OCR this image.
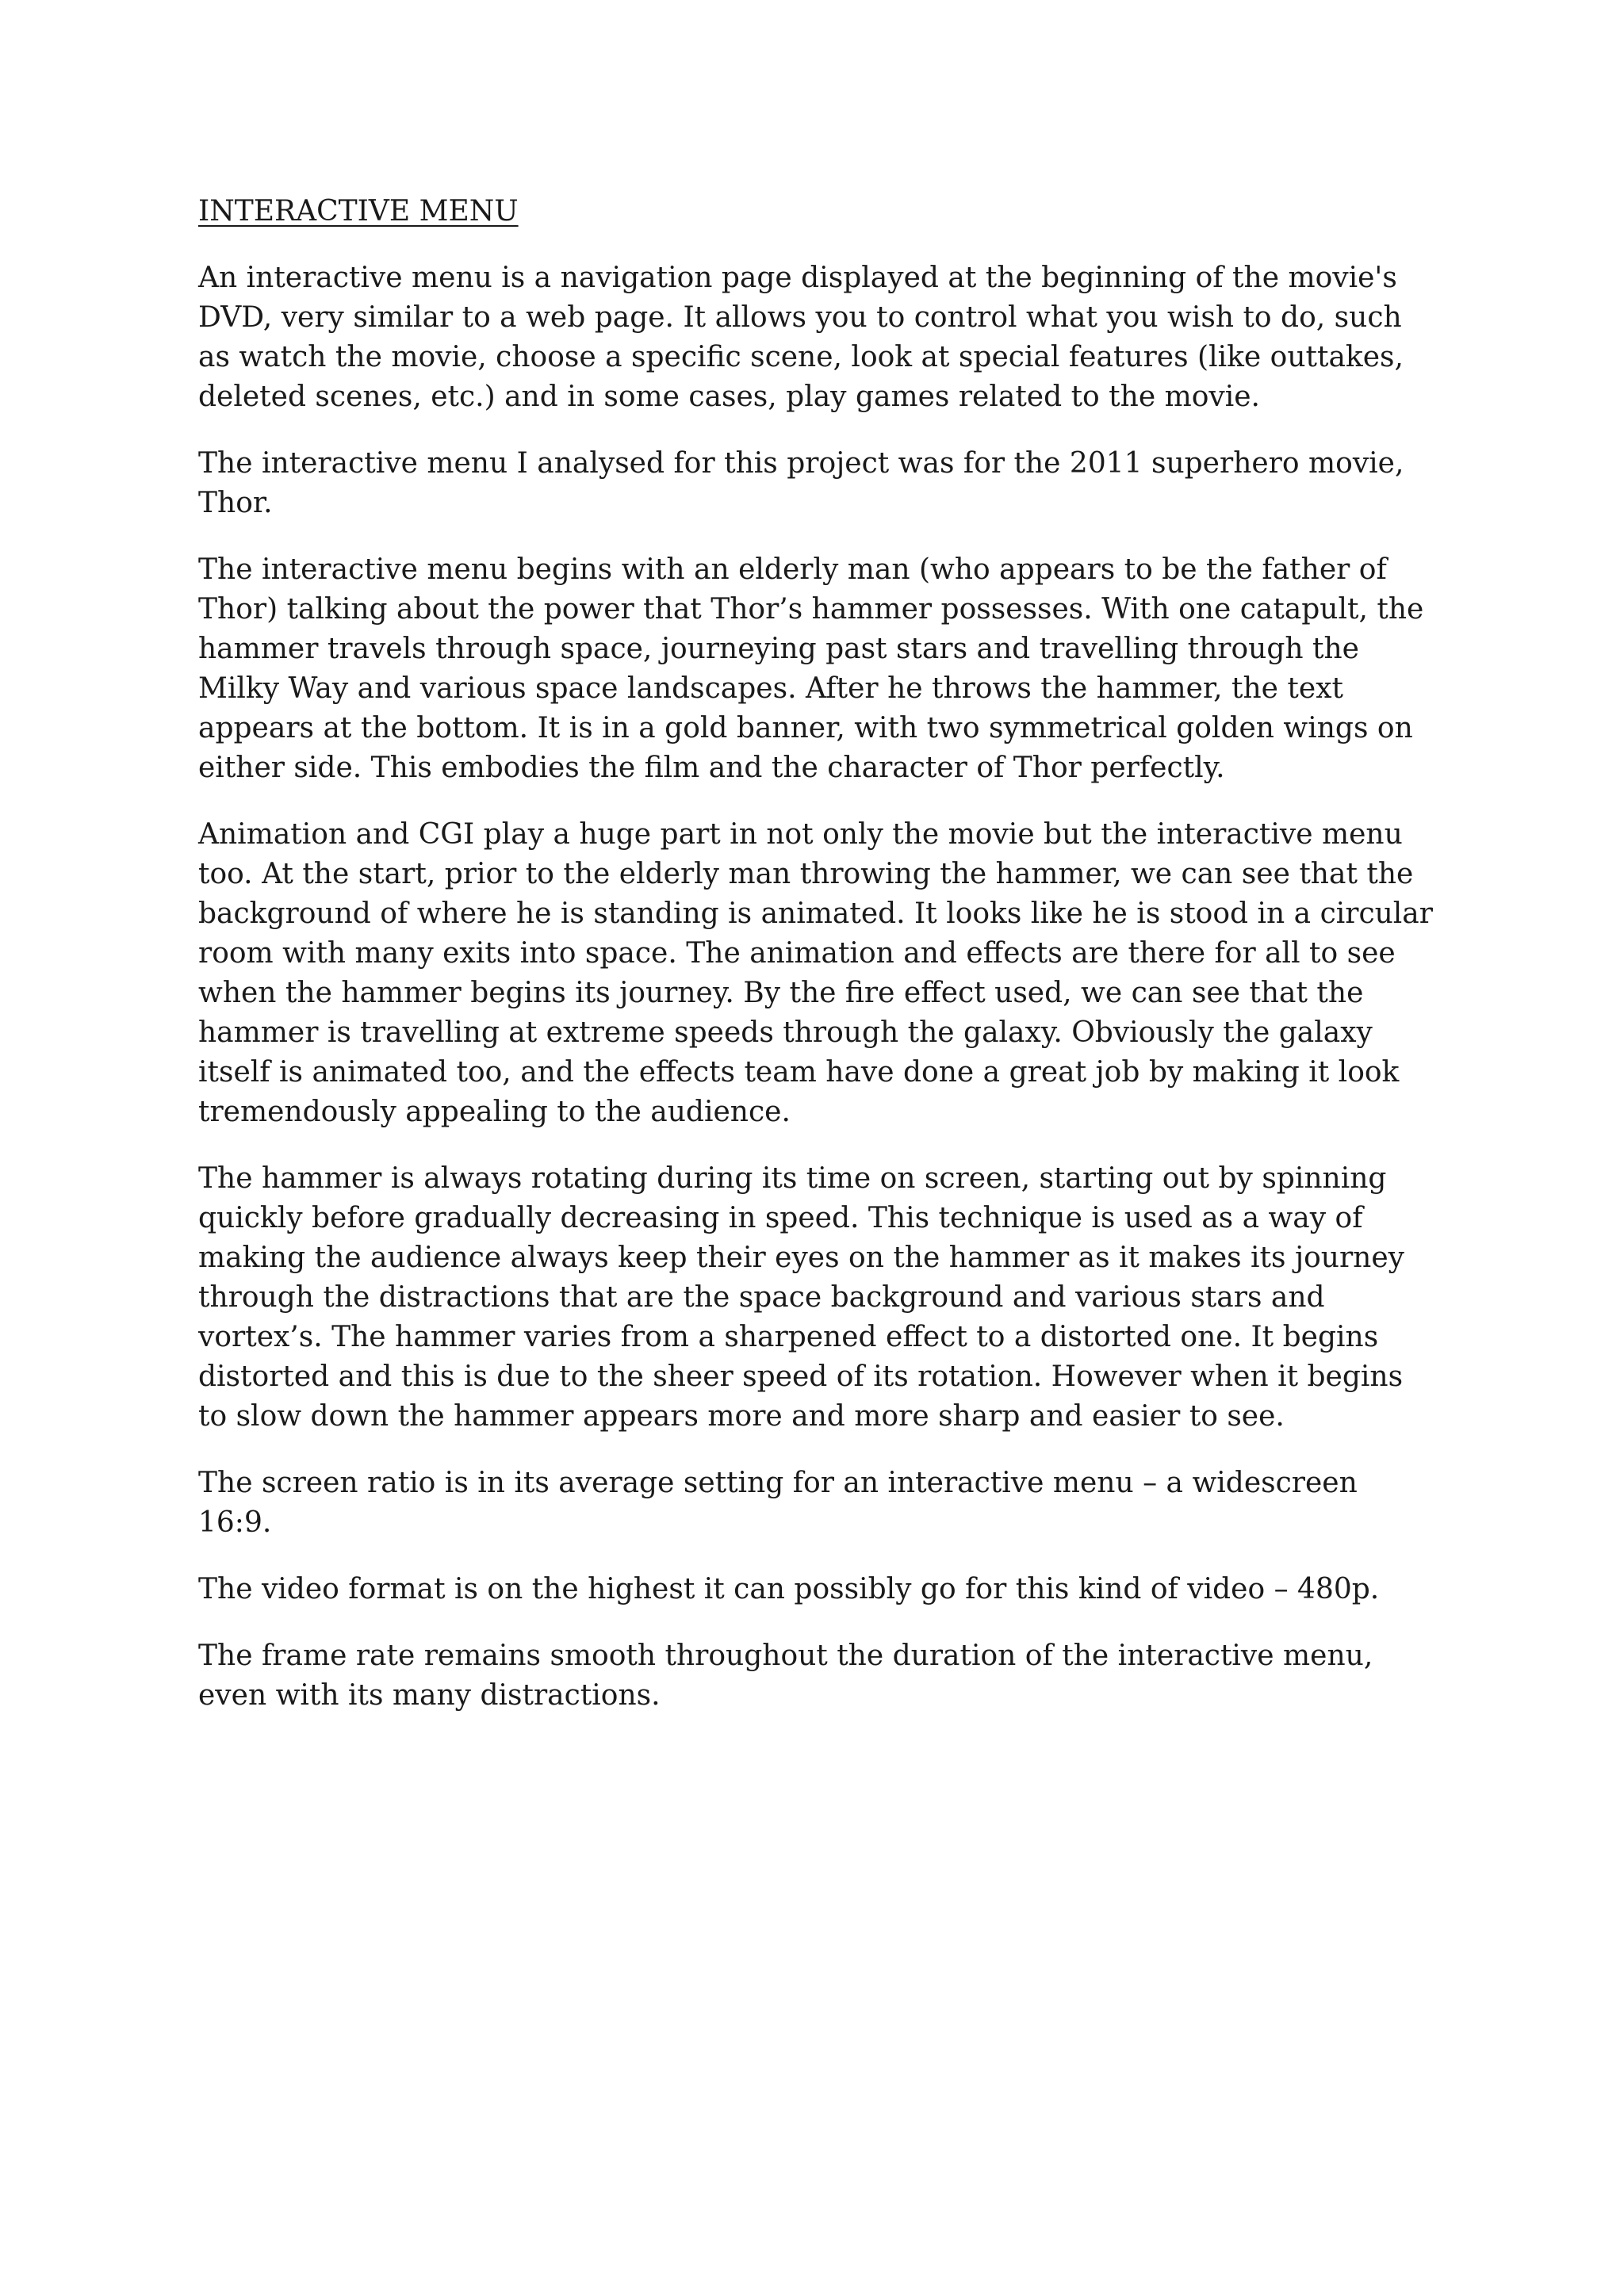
INTERACTIVE MENU

An interactive menu is a navigation page displayed at the beginning of the movie's DVD, very similar to a web page. It allows you to control what you wish to do, such as watch the movie, choose a specific scene, look at special features (like outtakes, deleted scenes, etc.) and in some cases, play games related to the movie.

The interactive menu I analysed for this project was for the 2011 superhero movie, Thor.

The interactive menu begins with an elderly man (who appears to be the father of Thor) talking about the power that Thor’s hammer possesses. With one catapult, the hammer travels through space, journeying past stars and travelling through the Milky Way and various space landscapes. After he throws the hammer, the text appears at the bottom. It is in a gold banner, with two symmetrical golden wings on either side. This embodies the film and the character of Thor perfectly.

Animation and CGI play a huge part in not only the movie but the interactive menu too. At the start, prior to the elderly man throwing the hammer, we can see that the background of where he is standing is animated. It looks like he is stood in a circular room with many exits into space. The animation and effects are there for all to see when the hammer begins its journey. By the fire effect used, we can see that the hammer is travelling at extreme speeds through the galaxy. Obviously the galaxy itself is animated too, and the effects team have done a great job by making it look tremendously appealing to the audience.

The hammer is always rotating during its time on screen, starting out by spinning quickly before gradually decreasing in speed. This technique is used as a way of making the audience always keep their eyes on the hammer as it makes its journey through the distractions that are the space background and various stars and vortex’s. The hammer varies from a sharpened effect to a distorted one. It begins distorted and this is due to the sheer speed of its rotation. However when it begins to slow down the hammer appears more and more sharp and easier to see.

The screen ratio is in its average setting for an interactive menu – a widescreen 16:9.

The video format is on the highest it can possibly go for this kind of video – 480p.

The frame rate remains smooth throughout the duration of the interactive menu, even with its many distractions.
